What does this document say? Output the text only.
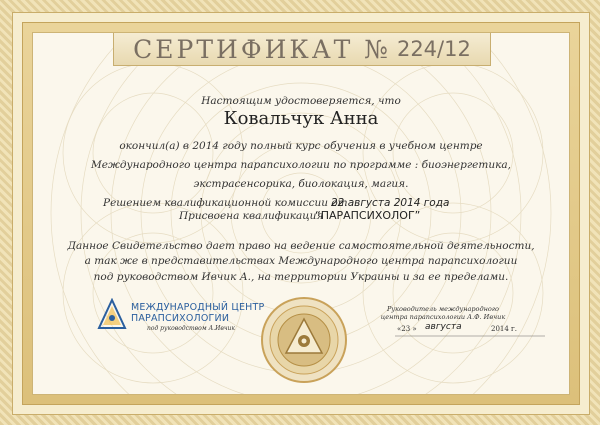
СЕРТИФИКАТ № 224/12
Настоящим удостоверяется, что
Ковальчук Анна
окончил(а) в 2014 году полный курс обучения в учебном центре
Международного центра парапсихологии по программе : биоэнергетика,
экстрасенсорика, биолокация, магия.
Решением квалификационной комиссии от
22 августа 2014 года
Присвоена квалификация
“ПАРАПСИХОЛОГ”
Данное Свидетельство дает право на ведение самостоятельной деятельности,
а так же в представительствах Международного центра парапсихологии
под руководством Ивчик А., на территории Украины и за ее пределами.
МЕЖДУНАРОДНЫЙ ЦЕНТР
ПАРАПСИХОЛОГИИ
под руководством А.Ивчик
Руководитель международного
центра парапсихологии А.Ф. Ивчик
«23 » августа	2014 г.
